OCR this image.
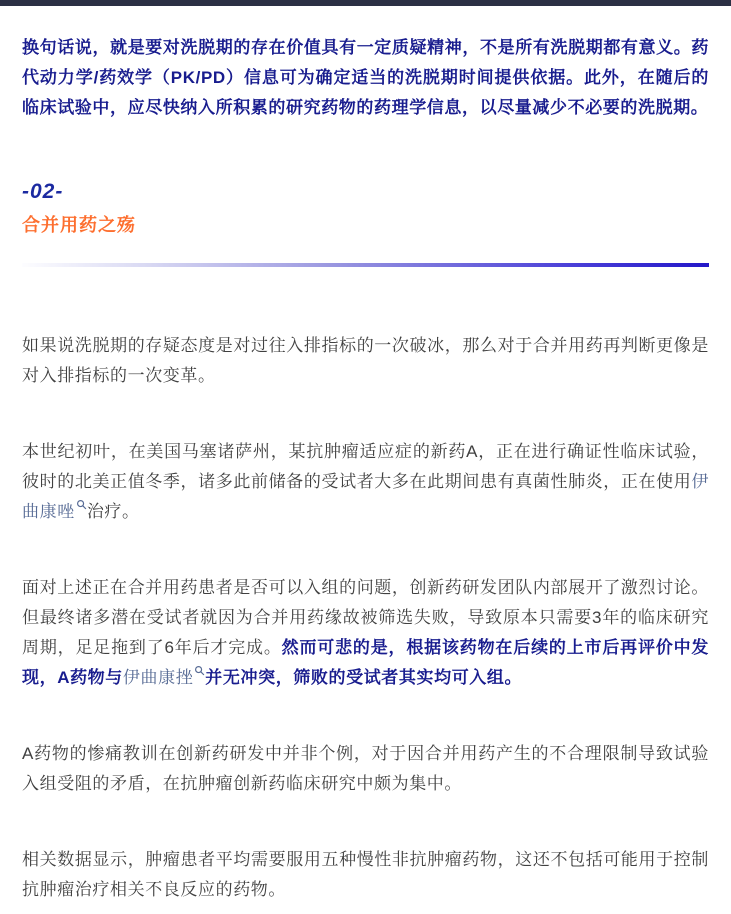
换句话说，就是要对洗脱期的存在价值具有一定质疑精神，不是所有洗脱期都有意义。药代动力学/药效学（PK/PD）信息可为确定适当的洗脱期时间提供依据。此外，在随后的临床试验中，应尽快纳入所积累的研究药物的药理学信息，以尽量减少不必要的洗脱期。

-02-
合并用药之殇

如果说洗脱期的存疑态度是对过往入排指标的一次破冰，那么对于合并用药再判断更像是对入排指标的一次变革。

本世纪初叶，在美国马塞诸萨州，某抗肿瘤适应症的新药A，正在进行确证性临床试验，彼时的北美正值冬季，诸多此前储备的受试者大多在此期间患有真菌性肺炎，正在使用伊曲康唑 治疗。

面对上述正在合并用药患者是否可以入组的问题，创新药研发团队内部展开了激烈讨论。但最终诸多潜在受试者就因为合并用药缘故被筛选失败，导致原本只需要3年的临床研究周期，足足拖到了6年后才完成。然而可悲的是，根据该药物在后续的上市后再评价中发现，A药物与伊曲康挫 并无冲突，筛败的受试者其实均可入组。

A药物的惨痛教训在创新药研发中并非个例，对于因合并用药产生的不合理限制导致试验入组受阻的矛盾，在抗肿瘤创新药临床研究中颇为集中。

相关数据显示，肿瘤患者平均需要服用五种慢性非抗肿瘤药物，这还不包括可能用于控制抗肿瘤治疗相关不良反应的药物。
